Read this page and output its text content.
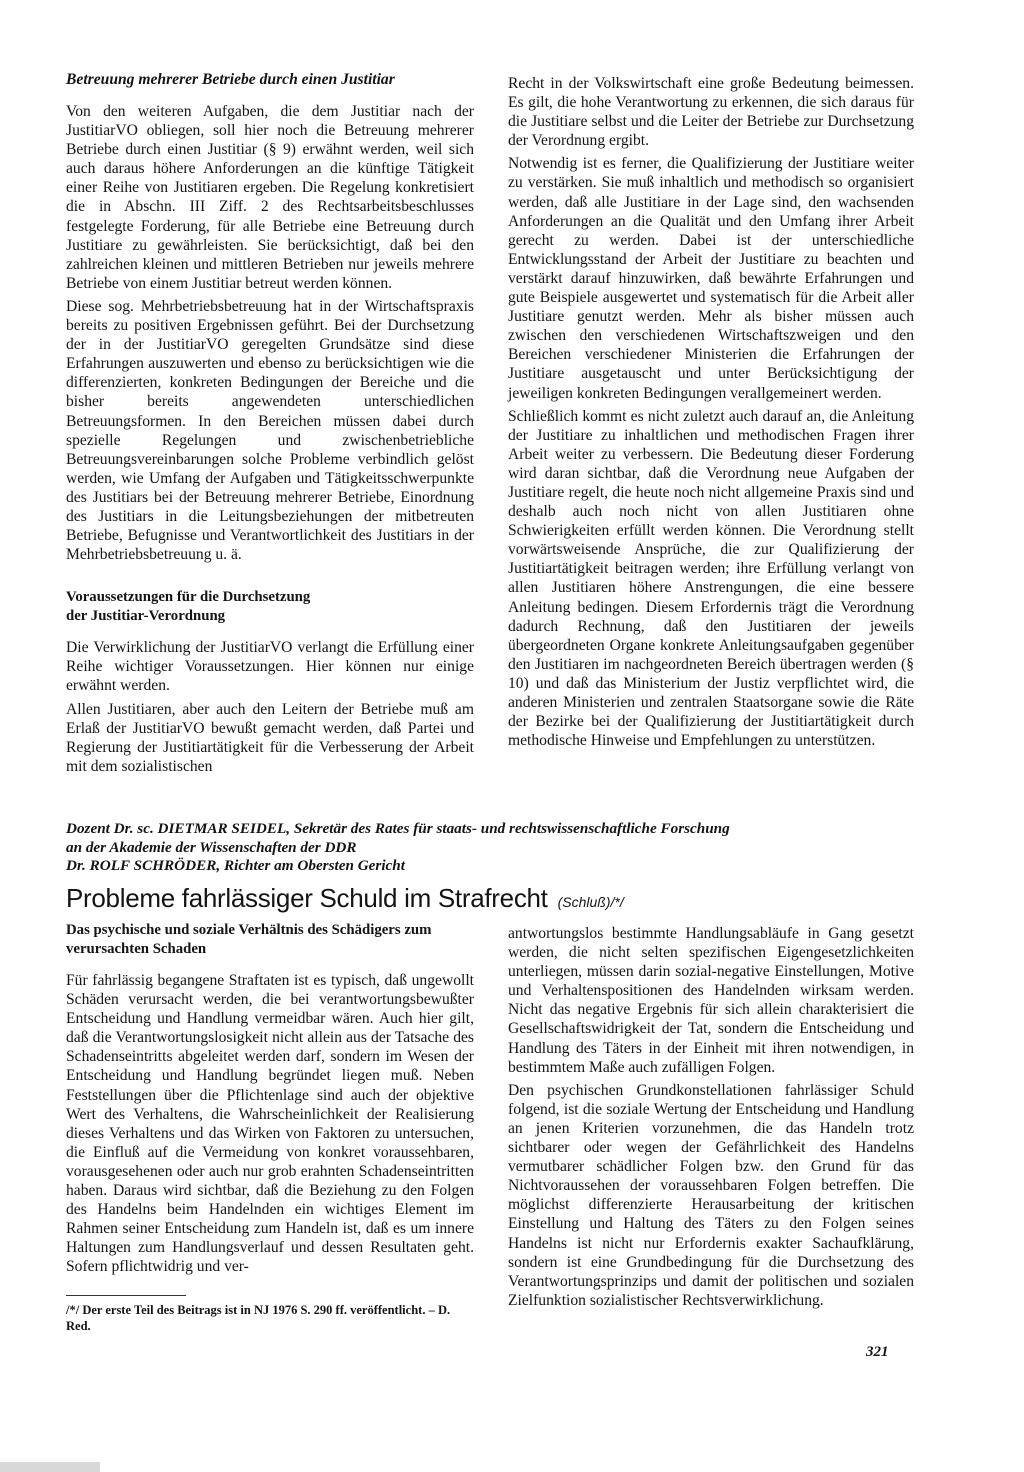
Betreuung mehrerer Betriebe durch einen Justitiar

Von den weiteren Aufgaben, die dem Justitiar nach der JustitiarVO obliegen, soll hier noch die Betreuung mehrerer Betriebe durch einen Justitiar (§ 9) erwähnt werden, weil sich auch daraus höhere Anforderungen an die künftige Tätigkeit einer Reihe von Justitiaren ergeben. Die Regelung konkretisiert die in Abschn. III Ziff. 2 des Rechtsarbeitsbeschlusses festgelegte Forderung, für alle Betriebe eine Betreuung durch Justitiare zu gewährleisten. Sie berücksichtigt, daß bei den zahlreichen kleinen und mittleren Betrieben nur jeweils mehrere Betriebe von einem Justitiar betreut werden können.

Diese sog. Mehrbetriebsbetreuung hat in der Wirtschaftspraxis bereits zu positiven Ergebnissen geführt. Bei der Durchsetzung der in der JustitiarVO geregelten Grundsätze sind diese Erfahrungen auszuwerten und ebenso zu berücksichtigen wie die differenzierten, konkreten Bedingungen der Bereiche und die bisher bereits angewendeten unterschiedlichen Betreuungsformen. In den Bereichen müssen dabei durch spezielle Regelungen und zwischenbetriebliche Betreuungsvereinbarungen solche Probleme verbindlich gelöst werden, wie Umfang der Aufgaben und Tätigkeitsschwerpunkte des Justitiars bei der Betreuung mehrerer Betriebe, Einordnung des Justitiars in die Leitungsbeziehungen der mitbetreuten Betriebe, Befugnisse und Verantwortlichkeit des Justitiars in der Mehrbetriebsbetreuung u. ä.

Voraussetzungen für die Durchsetzung
der Justitiar-Verordnung

Die Verwirklichung der JustitiarVO verlangt die Erfüllung einer Reihe wichtiger Voraussetzungen. Hier können nur einige erwähnt werden.

Allen Justitiaren, aber auch den Leitern der Betriebe muß am Erlaß der JustitiarVO bewußt gemacht werden, daß Partei und Regierung der Justitiartätigkeit für die Verbesserung der Arbeit mit dem sozialistischen

Recht in der Volkswirtschaft eine große Bedeutung beimessen. Es gilt, die hohe Verantwortung zu erkennen, die sich daraus für die Justitiare selbst und die Leiter der Betriebe zur Durchsetzung der Verordnung ergibt.

Notwendig ist es ferner, die Qualifizierung der Justitiare weiter zu verstärken. Sie muß inhaltlich und methodisch so organisiert werden, daß alle Justitiare in der Lage sind, den wachsenden Anforderungen an die Qualität und den Umfang ihrer Arbeit gerecht zu werden. Dabei ist der unterschiedliche Entwicklungsstand der Arbeit der Justitiare zu beachten und verstärkt darauf hinzuwirken, daß bewährte Erfahrungen und gute Beispiele ausgewertet und systematisch für die Arbeit aller Justitiare genutzt werden. Mehr als bisher müssen auch zwischen den verschiedenen Wirtschaftszweigen und den Bereichen verschiedener Ministerien die Erfahrungen der Justitiare ausgetauscht und unter Berücksichtigung der jeweiligen konkreten Bedingungen verallgemeinert werden.

Schließlich kommt es nicht zuletzt auch darauf an, die Anleitung der Justitiare zu inhaltlichen und methodischen Fragen ihrer Arbeit weiter zu verbessern. Die Bedeutung dieser Forderung wird daran sichtbar, daß die Verordnung neue Aufgaben der Justitiare regelt, die heute noch nicht allgemeine Praxis sind und deshalb auch noch nicht von allen Justitiaren ohne Schwierigkeiten erfüllt werden können. Die Verordnung stellt vorwärtsweisende Ansprüche, die zur Qualifizierung der Justitiartätigkeit beitragen werden; ihre Erfüllung verlangt von allen Justitiaren höhere Anstrengungen, die eine bessere Anleitung bedingen. Diesem Erfordernis trägt die Verordnung dadurch Rechnung, daß den Justitiaren der jeweils übergeordneten Organe konkrete Anleitungsaufgaben gegenüber den Justitiaren im nachgeordneten Bereich übertragen werden (§ 10) und daß das Ministerium der Justiz verpflichtet wird, die anderen Ministerien und zentralen Staatsorgane sowie die Räte der Bezirke bei der Qualifizierung der Justitiartätigkeit durch methodische Hinweise und Empfehlungen zu unterstützen.

Dozent Dr. sc. DIETMAR SEIDEL, Sekretär des Rates für staats- und rechtswissenschaftliche Forschung
an der Akademie der Wissenschaften der DDR
Dr. ROLF SCHRÖDER, Richter am Obersten Gericht
Probleme fahrlässiger Schuld im Strafrecht (Schluß)/*/
Das psychische und soziale Verhältnis des Schädigers zum verursachten Schaden

Für fahrlässig begangene Straftaten ist es typisch, daß ungewollt Schäden verursacht werden, die bei verantwortungsbewußter Entscheidung und Handlung vermeidbar wären. Auch hier gilt, daß die Verantwortungslosigkeit nicht allein aus der Tatsache des Schadenseintritts abgeleitet werden darf, sondern im Wesen der Entscheidung und Handlung begründet liegen muß. Neben Feststellungen über die Pflichtenlage sind auch der objektive Wert des Verhaltens, die Wahrscheinlichkeit der Realisierung dieses Verhaltens und das Wirken von Faktoren zu untersuchen, die Einfluß auf die Vermeidung von konkret voraussehbaren, vorausgesehenen oder auch nur grob erahnten Schadenseintritten haben. Daraus wird sichtbar, daß die Beziehung zu den Folgen des Handelns beim Handelnden ein wichtiges Element im Rahmen seiner Entscheidung zum Handeln ist, daß es um innere Haltungen zum Handlungsverlauf und dessen Resultaten geht. Sofern pflichtwidrig und ver-

/*/ Der erste Teil des Beitrags ist in NJ 1976 S. 290 ff. veröffentlicht. – D. Red.

antwortungslos bestimmte Handlungsabläufe in Gang gesetzt werden, die nicht selten spezifischen Eigengesetzlichkeiten unterliegen, müssen darin sozial-negative Einstellungen, Motive und Verhaltenspositionen des Handelnden wirksam werden. Nicht das negative Ergebnis für sich allein charakterisiert die Gesellschaftswidrigkeit der Tat, sondern die Entscheidung und Handlung des Täters in der Einheit mit ihren notwendigen, in bestimmtem Maße auch zufälligen Folgen.

Den psychischen Grundkonstellationen fahrlässiger Schuld folgend, ist die soziale Wertung der Entscheidung und Handlung an jenen Kriterien vorzunehmen, die das Handeln trotz sichtbarer oder wegen der Gefährlichkeit des Handelns vermutbarer schädlicher Folgen bzw. den Grund für das Nichtvoraussehen der voraussehbaren Folgen betreffen. Die möglichst differenzierte Herausarbeitung der kritischen Einstellung und Haltung des Täters zu den Folgen seines Handelns ist nicht nur Erfordernis exakter Sachaufklärung, sondern ist eine Grundbedingung für die Durchsetzung des Verantwortungsprinzips und damit der politischen und sozialen Zielfunktion sozialistischer Rechtsverwirklichung.

321
